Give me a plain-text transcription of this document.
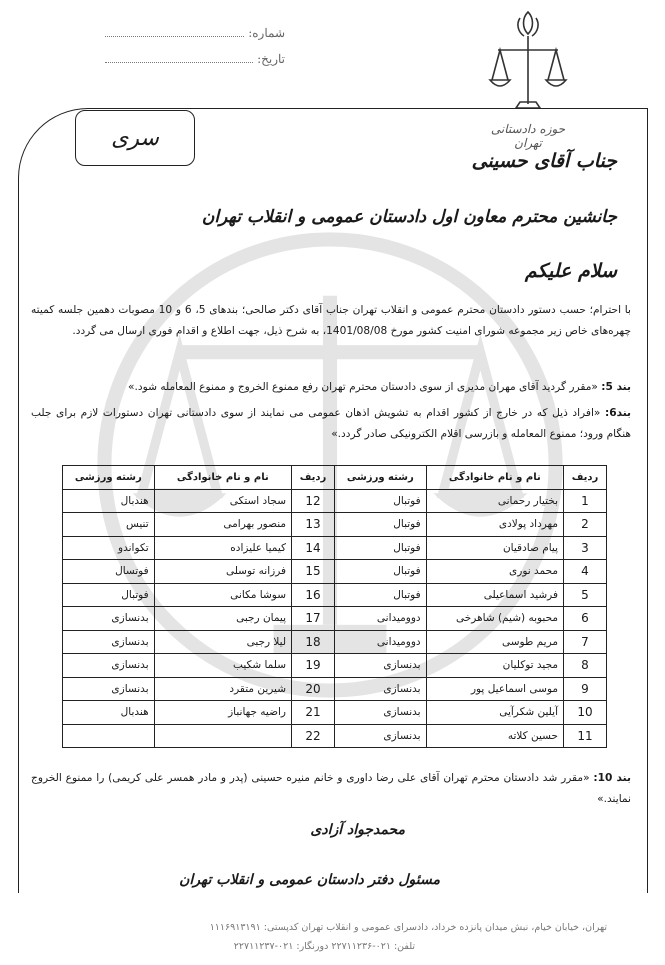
شماره:
تاریخ:
حوزه دادستانی تهران
سری
جناب آقای حسینی
جانشین محترم معاون اول دادستان عمومی و انقلاب تهران
سلام علیکم
با احترام؛ حسب دستور دادستان محترم عمومی و انقلاب تهران جناب آقای دکتر صالحی؛ بندهای 5، 6 و 10 مصوبات دهمین جلسه کمیته چهره‌های خاص زیر مجموعه شورای امنیت کشور مورخ 1401/08/08، به شرح ذیل، جهت اطلاع و اقدام فوری ارسال می گردد.
بند 5: «مقرر گردید آقای مهران مدیری از سوی دادستان محترم تهران رفع ممنوع الخروج و ممنوع المعامله شود.»
بند6: «افراد ذیل که در خارج از کشور اقدام به تشویش اذهان عمومی می نمایند از سوی دادستانی تهران دستورات لازم برای جلب هنگام ورود؛ ممنوع المعامله و بازرسی اقلام الکترونیکی صادر گردد.»
ردیف	نام و نام خانوادگی	رشته ورزشی	ردیف	نام و نام خانوادگی	رشته ورزشی
1	بختیار رحمانی	فوتبال	12	سجاد استکی	هندبال
2	مهرداد پولادی	فوتبال	13	منصور بهرامی	تنیس
3	پیام صادقیان	فوتبال	14	کیمیا علیزاده	تکواندو
4	محمد نوری	فوتبال	15	فرزانه توسلی	فوتسال
5	فرشید اسماعیلی	فوتبال	16	سوشا مکانی	فوتبال
6	محبوبه (شیم) شاهرخی	دوومیدانی	17	پیمان رجبی	بدنسازی
7	مریم طوسی	دوومیدانی	18	لیلا رجبی	بدنسازی
8	مجید توکلیان	بدنسازی	19	سلما شکیب	بدنسازی
9	موسی اسماعیل پور	بدنسازی	20	شیرین متقرد	بدنسازی
10	آیلین شکرآیی	بدنسازی	21	راضیه جهانباز	هندبال
11	حسین کلاته	بدنسازی	22		
بند 10: «مقرر شد دادستان محترم تهران آقای علی رضا داوری و خانم منیره حسینی (پدر و مادر همسر علی کریمی) را ممنوع الخروج نمایند.»
محمدجواد آزادی
مسئول دفتر دادستان عمومی و انقلاب تهران
تهران، خیابان خیام، نبش میدان پانزده خرداد، دادسرای عمومی و انقلاب تهران کدپستی: ۱۱۱۶۹۱۳۱۹۱
تلفن: ۰۲۱-۲۲۷۱۱۲۳۶ دورنگار: ۰۲۱-۲۲۷۱۱۲۳۷
